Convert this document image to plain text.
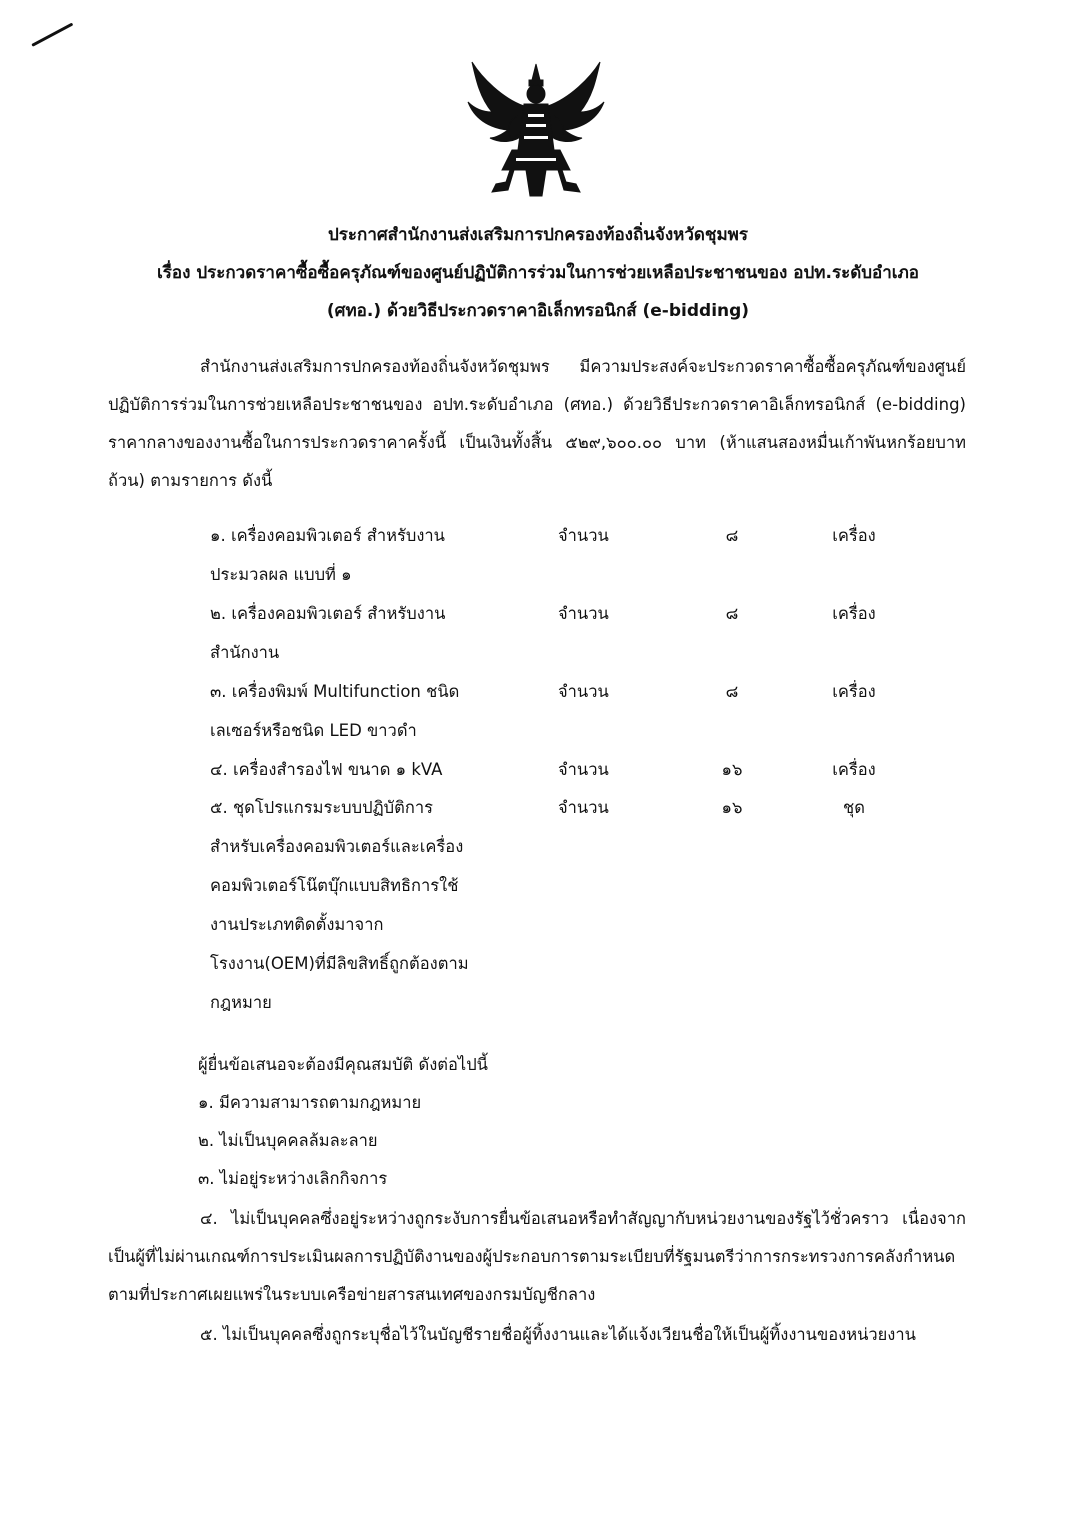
ประกาศสำนักงานส่งเสริมการปกครองท้องถิ่นจังหวัดชุมพร
เรื่อง ประกวดราคาซื้อซื้อครุภัณฑ์ของศูนย์ปฏิบัติการร่วมในการช่วยเหลือประชาชนของ อปท.ระดับอำเภอ
(ศทอ.) ด้วยวิธีประกวดราคาอิเล็กทรอนิกส์ (e-bidding)
สำนักงานส่งเสริมการปกครองท้องถิ่นจังหวัดชุมพร มีความประสงค์จะประกวดราคาซื้อซื้อครุภัณฑ์ของศูนย์ปฏิบัติการร่วมในการช่วยเหลือประชาชนของ อปท.ระดับอำเภอ (ศทอ.) ด้วยวิธีประกวดราคาอิเล็กทรอนิกส์ (e-bidding) ราคากลางของงานซื้อในการประกวดราคาครั้งนี้ เป็นเงินทั้งสิ้น ๕๒๙,๖๐๐.๐๐ บาท (ห้าแสนสองหมื่นเก้าพันหกร้อยบาทถ้วน) ตามรายการ ดังนี้
๑. เครื่องคอมพิวเตอร์ สำหรับงาน
ประมวลผล แบบที่ ๑
จำนวน	๘	เครื่อง
๒. เครื่องคอมพิวเตอร์ สำหรับงาน
สำนักงาน
จำนวน	๘	เครื่อง
๓. เครื่องพิมพ์ Multifunction ชนิด
เลเซอร์หรือชนิด LED ขาวดำ
จำนวน	๘	เครื่อง
๔. เครื่องสำรองไฟ ขนาด ๑ kVA	จำนวน	๑๖	เครื่อง
๕. ชุดโปรแกรมระบบปฏิบัติการ
สำหรับเครื่องคอมพิวเตอร์และเครื่อง
คอมพิวเตอร์โน๊ตบุ๊กแบบสิทธิการใช้
งานประเภทติดตั้งมาจาก
โรงงาน(OEM)ที่มีลิขสิทธิ์ถูกต้องตาม
กฎหมาย
จำนวน	๑๖	ชุด
ผู้ยื่นข้อเสนอจะต้องมีคุณสมบัติ ดังต่อไปนี้
๑. มีความสามารถตามกฎหมาย
๒. ไม่เป็นบุคคลล้มละลาย
๓. ไม่อยู่ระหว่างเลิกกิจการ
๔. ไม่เป็นบุคคลซึ่งอยู่ระหว่างถูกระงับการยื่นข้อเสนอหรือทำสัญญากับหน่วยงานของรัฐไว้ชั่วคราว เนื่องจากเป็นผู้ที่ไม่ผ่านเกณฑ์การประเมินผลการปฏิบัติงานของผู้ประกอบการตามระเบียบที่รัฐมนตรีว่าการกระทรวงการคลังกำหนดตามที่ประกาศเผยแพร่ในระบบเครือข่ายสารสนเทศของกรมบัญชีกลาง
๕. ไม่เป็นบุคคลซึ่งถูกระบุชื่อไว้ในบัญชีรายชื่อผู้ทิ้งงานและได้แจ้งเวียนชื่อให้เป็นผู้ทิ้งงานของหน่วยงาน
